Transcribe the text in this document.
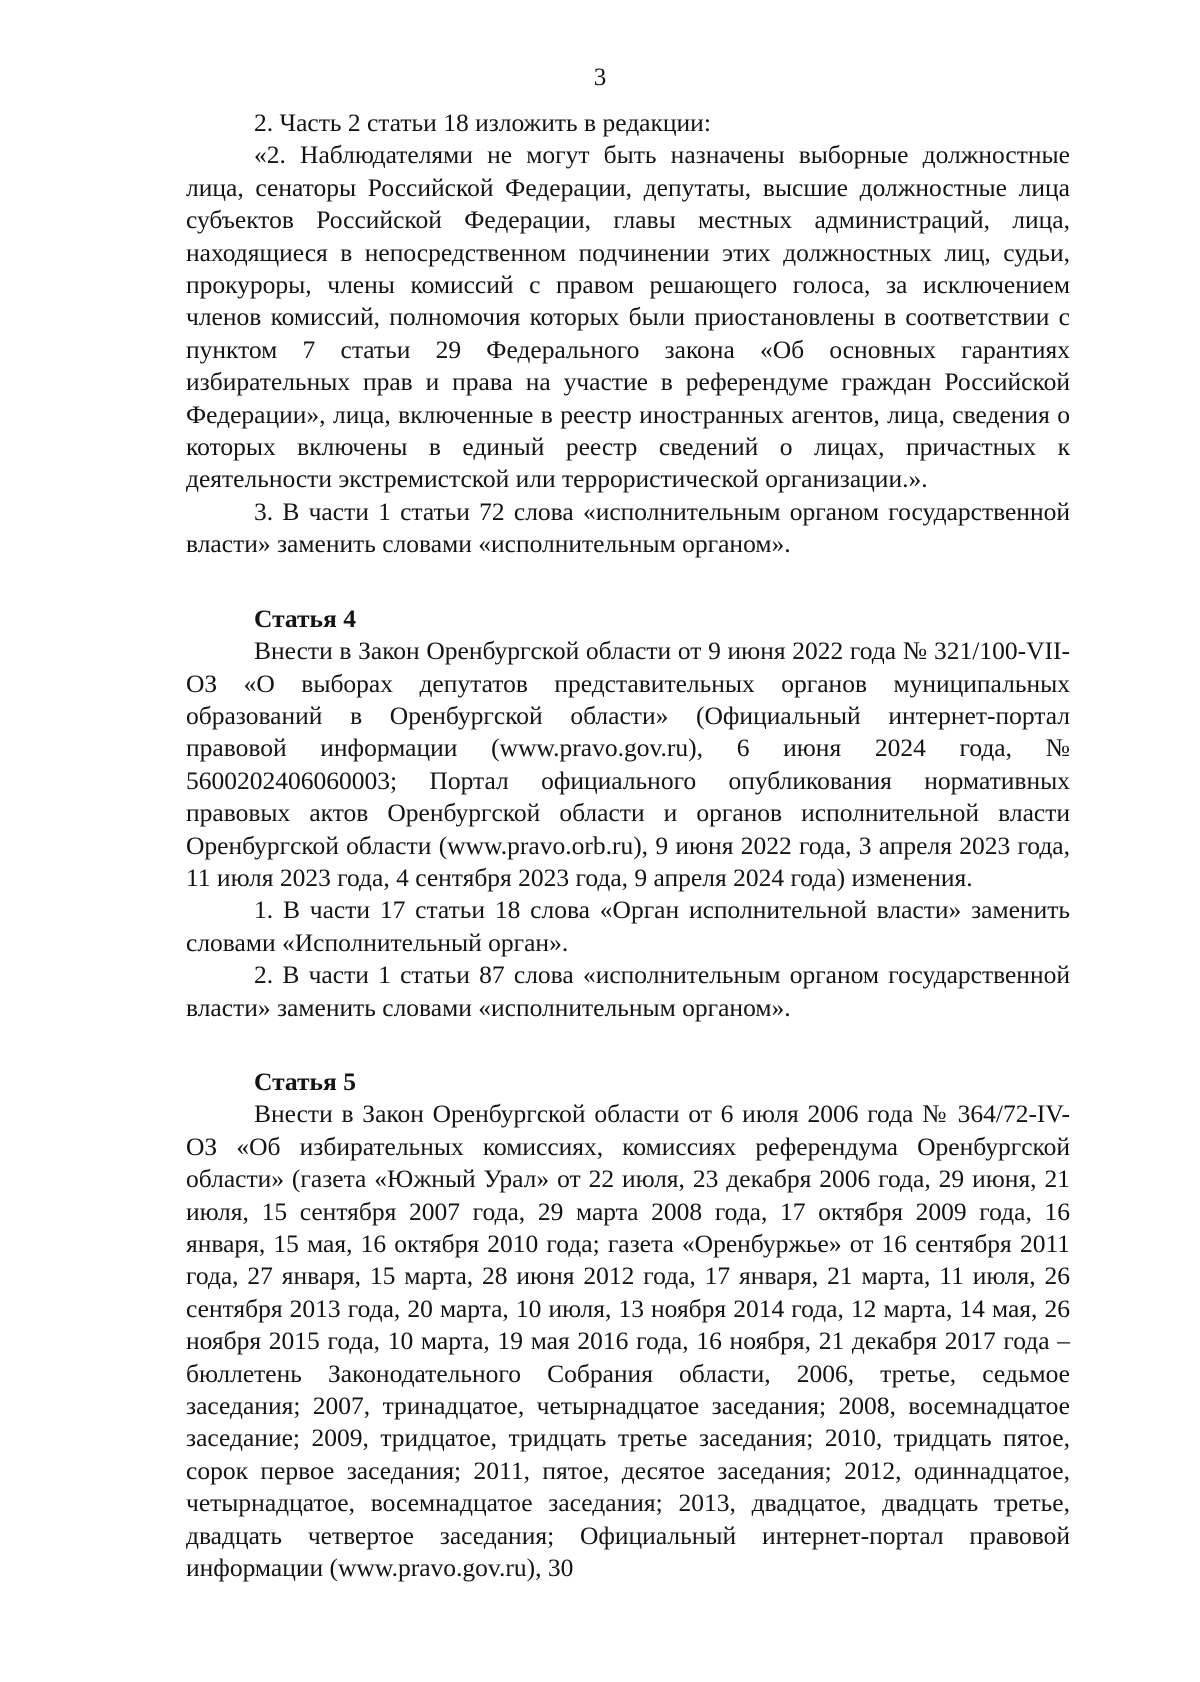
3

2. Часть 2 статьи 18 изложить в редакции:

«2. Наблюдателями не могут быть назначены выборные должностные лица, сенаторы Российской Федерации, депутаты, высшие должностные лица субъектов Российской Федерации, главы местных администраций, лица, находящиеся в непосредственном подчинении этих должностных лиц, судьи, прокуроры, члены комиссий с правом решающего голоса, за исключением членов комиссий, полномочия которых были приостановлены в соответствии с пунктом 7 статьи 29 Федерального закона «Об основных гарантиях избирательных прав и права на участие в референдуме граждан Российской Федерации», лица, включенные в реестр иностранных агентов, лица, сведения о которых включены в единый реестр сведений о лицах, причастных к деятельности экстремистской или террористической организации.».

3. В части 1 статьи 72 слова «исполнительным органом государственной власти» заменить словами «исполнительным органом».

Статья 4

Внести в Закон Оренбургской области от 9 июня 2022 года № 321/100-VII-ОЗ «О выборах депутатов представительных органов муниципальных образований в Оренбургской области» (Официальный интернет-портал правовой информации (www.pravo.gov.ru), 6 июня 2024 года, № 5600202406060003; Портал официального опубликования нормативных правовых актов Оренбургской области и органов исполнительной власти Оренбургской области (www.pravo.orb.ru), 9 июня 2022 года, 3 апреля 2023 года, 11 июля 2023 года, 4 сентября 2023 года, 9 апреля 2024 года) изменения.

1. В части 17 статьи 18 слова «Орган исполнительной власти» заменить словами «Исполнительный орган».

2. В части 1 статьи 87 слова «исполнительным органом государственной власти» заменить словами «исполнительным органом».

Статья 5

Внести в Закон Оренбургской области от 6 июля 2006 года № 364/72-IV-ОЗ «Об избирательных комиссиях, комиссиях референдума Оренбургской области» (газета «Южный Урал» от 22 июля, 23 декабря 2006 года, 29 июня, 21 июля, 15 сентября 2007 года, 29 марта 2008 года, 17 октября 2009 года, 16 января, 15 мая, 16 октября 2010 года; газета «Оренбуржье» от 16 сентября 2011 года, 27 января, 15 марта, 28 июня 2012 года, 17 января, 21 марта, 11 июля, 26 сентября 2013 года, 20 марта, 10 июля, 13 ноября 2014 года, 12 марта, 14 мая, 26 ноября 2015 года, 10 марта, 19 мая 2016 года, 16 ноября, 21 декабря 2017 года – бюллетень Законодательного Собрания области, 2006, третье, седьмое заседания; 2007, тринадцатое, четырнадцатое заседания; 2008, восемнадцатое заседание; 2009, тридцатое, тридцать третье заседания; 2010, тридцать пятое, сорок первое заседания; 2011, пятое, десятое заседания; 2012, одиннадцатое, четырнадцатое, восемнадцатое заседания; 2013, двадцатое, двадцать третье, двадцать четвертое заседания; Официальный интернет-портал правовой информации (www.pravo.gov.ru), 30
